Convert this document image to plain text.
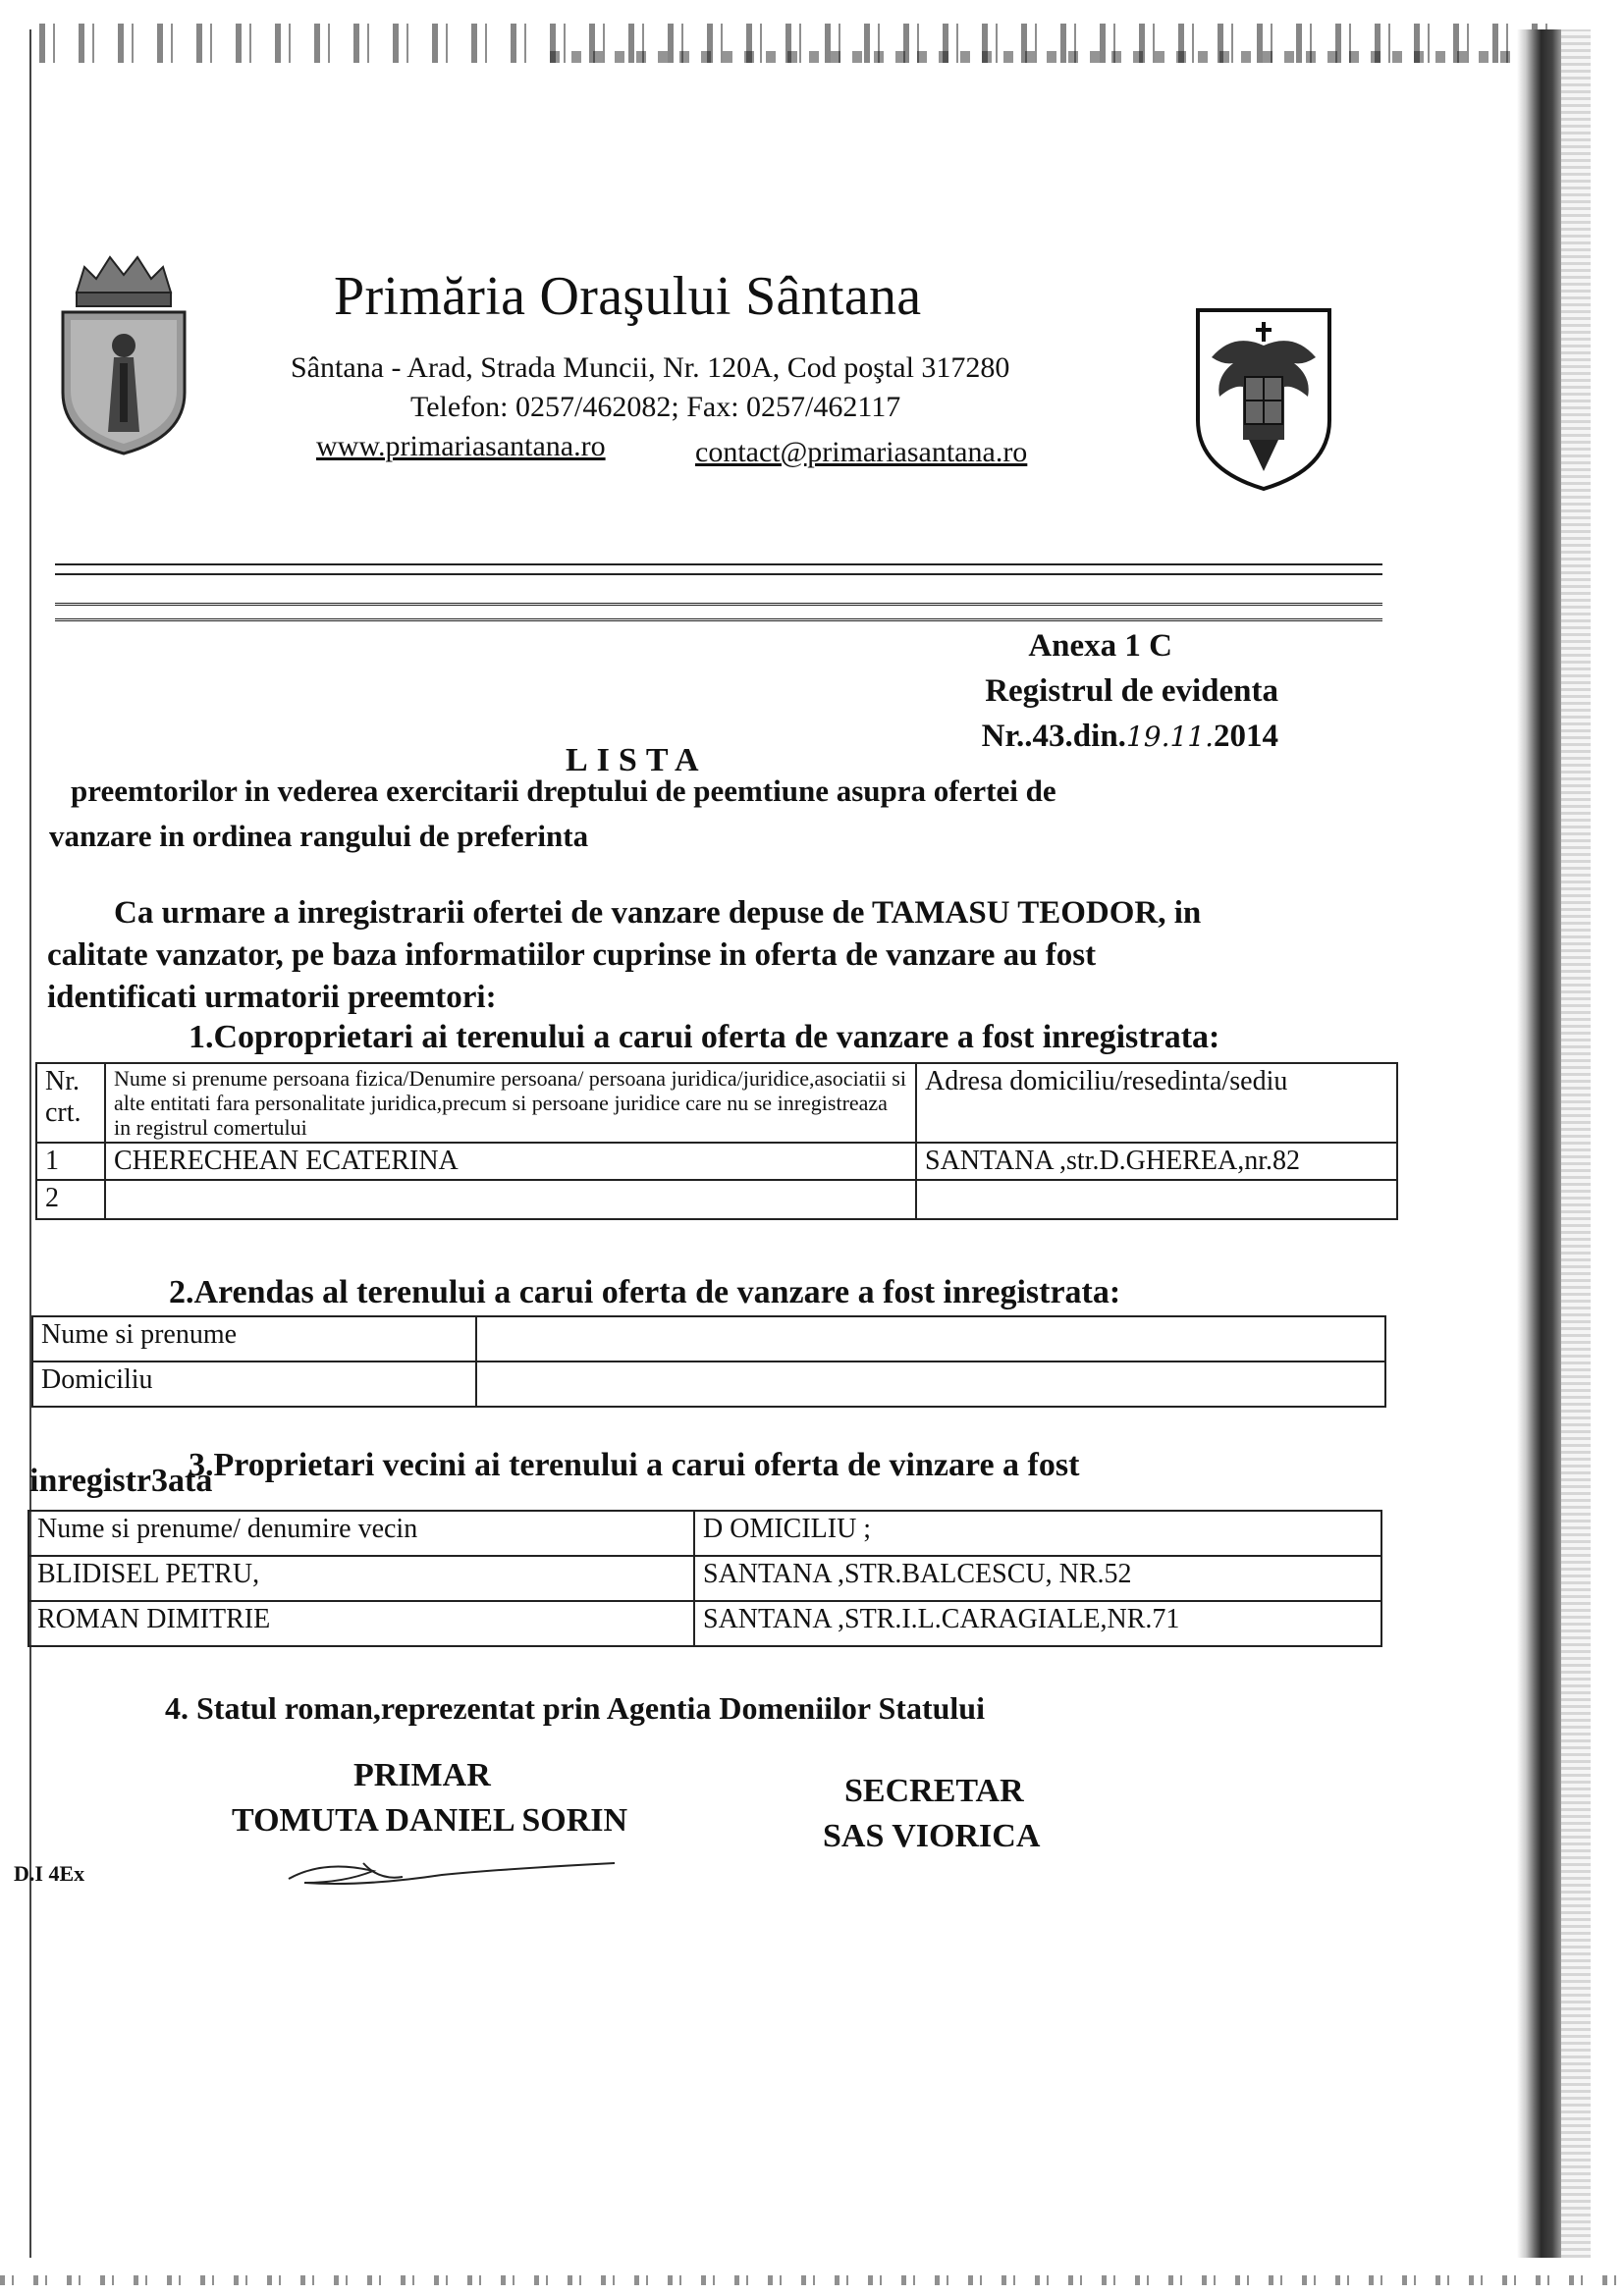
Primăria Oraşului Sântana
Sântana - Arad, Strada Muncii, Nr. 120A, Cod poştal 317280
Telefon: 0257/462082; Fax: 0257/462117
www.primariasantana.ro	contact@primariasantana.ro
Anexa 1 C
Registrul de evidenta
Nr..43.din.19.11.2014
LISTA
preemtorilor in vederea exercitarii dreptului de peemtiune asupra ofertei de
vanzare in ordinea rangului de preferinta
Ca urmare a inregistrarii ofertei de vanzare depuse de TAMASU TEODOR, in
calitate vanzator, pe baza informatiilor cuprinse in oferta de vanzare au fost
identificati urmatorii preemtori:
1.Coproprietari ai terenului a carui oferta de vanzare a fost inregistrata:
Nr. crt.	Nume si prenume persoana fizica/Denumire persoana/ persoana juridica/juridice,asociatii si alte entitati fara personalitate juridica,precum si persoane juridice care nu se inregistreaza in registrul comertului	Adresa domiciliu/resedinta/sediu
1	CHERECHEAN ECATERINA	SANTANA ,str.D.GHEREA,nr.82
2		
2.Arendas al terenului a carui oferta de vanzare a fost inregistrata:
Nume si prenume	
Domiciliu	
3.Proprietari vecini ai terenului a carui oferta de vinzare a fost
inregistr3ata
Nume si prenume/ denumire vecin	D OMICILIU ;
BLIDISEL PETRU,	SANTANA ,STR.BALCESCU, NR.52
ROMAN DIMITRIE	SANTANA ,STR.I.L.CARAGIALE,NR.71
4. Statul roman,reprezentat prin Agentia Domeniilor Statului
PRIMAR
TOMUTA DANIEL SORIN
SECRETAR
SAS VIORICA
D.I 4Ex
